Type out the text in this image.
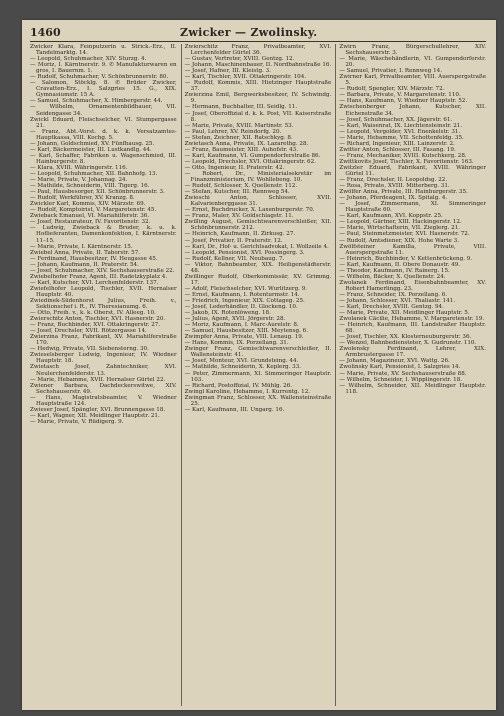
1460	Zwicker — Zwolinsky.

Zwicker Klara, Feinputzerin u. Strick.-Erz., II. Tandelmarktg. 14.

— Leopold, Schuhmacher, XIV. Sturzg. 4.

— Moriz, I. Kärntnerstr. 9. ✆ Manufakturwaren en gros, I. Bauernm. 1.

— Rudolf, Schuhmacher, V. Schönbrunnerstr. 80.

— Salomon, Stöcklg. 8. ✆ Brüder Zwicker, Cravatten-Erz., I. Salzgries 15. G., XIX. Gymnasiumstr. 15 A.

— Samuel, Schuhmacher, X. Himbergerstr. 44.

— Wilhelm, Ornamentenbildhauer, VII. Seidengasse 34.

Zwickl Eduard, Fleischselcher, VI. Stumpergasse 21.

— Franz, Abt.-Vorst. d. k. k. Versatzamtes-Hauptkassa, VIII. Kochg. 5.

— Johann, Goldschmied, XV. Fünfhausg. 25.

— Karl, Bäckermeister, III. Lustkandlg. 44.

— Karl, Schaffer, Fabriken u. Wagenschmied, III. Hainburgerstr. 8.

— Klara, XVIII. Währingerstr. 116.

— Leopold, Schuhmacher, XII. Bahnhofg. 13.

— Marie, Private, V. Johannag. 24.

— Mathilde, Schneiderin, VIII. Tigerg. 16.

— Paul, Hausbesorger, XII. Schönbrunnerstr. 3.

— Rudolf, Werkführer, XV. Kranzg. 8.

Zwickler Karl, Kommis, XIV. Märzstr. 69.

— Rudolf, Komptoirist, V. Margaretenstr. 45.

Zwieback Emanuel, VI. Mariahilferstr. 36.

— Josef, Restaurateur, IV. Favoritenstr. 32.

— Ludwig, Zwieback & Bruder, k. u. k. Hoflieferanten, Damenkonfektion, I. Kärntnerstr. 11–15.

— Marie, Private, I. Kärntnerstr. 15.

Zwiebel Anna, Private, II. Taborstr. 57.

— Ferdinand, Hausbesitzer, IV. Heugasse 45.

— Johann, Kaufmann, II. Praterstr. 54.

— Josef, Schuhmacher, XIV. Sechshauserstraße 22.

Zwiebelhofer Franz, Agent, III. Radetzkyplatz 4.

— Karl, Kutscher, XVI. Lerchenfelderstr. 137.

Zwiefelhofer Leopold, Tischler, XVII. Hernalser Hauptstr. 40.

Zwiedinek-Südenhorst Julius, Freih. v., Sektionschef i. R., IV. Theresianumg. 6.

— Otto, Freih. v., k. k. Oberst, IV. Alleeg. 10.

Zwierschitz Anton, Tischler, XVI. Hasnerstr. 20.

— Franz, Buchbinder, XVI. Ottakringerstr. 27.

— Josef, Drechsler, XVII. Rötzergasse 14.

Zwierzina Franz, Fabrikant, XV. Mariahilferstraße 170.

— Hedwig, Private, VII. Siebensterng. 30.

Zwieselsberger Ludwig, Ingenieur, IV. Wiedner Hauptstr. 18.

Zwietasch Josef, Zahntechniker, XVI. Neulerchenfelderstr. 13.

— Marie, Hebamme, XVII. Hernalser Gürtel 22.

Zwiener Barbara, Dachdeckerswitwe, XIV. Sechshauserstr. 49.

— Hans, Magistratsbeamter, V. Wiedner Hauptstraße 124.

Zwieser Josef, Spängler, XVI. Brunnengasse 18.

— Karl, Wagner, XII. Meidlinger Hauptstr. 21.

— Marie, Private, V. Rüdigerg. 9.

Zwierschitz Franz, Privatbeamter, XVI. Lerchenfelder Gürtel 36.

— Gustav, Vertreter, XVIII. Gentzg. 12.

— Johann, Maschinenbauer, II. Nordbahnstraße 16.

— Josef, Hafner, III. Kleistg. 3.

— Karl, Tischler, XVII. Ottakringerstr. 104.

— Rudolf, Kommis, XIII. Hietzinger Hauptstraße 37.

Zwierzina Emil, Bergwerksbesitzer, IV. Schwindg. 9.

— Hermann, Buchhalter, III. Seidlg. 11.

— Josef, Oberoffizial d. k. k. Post, VII. Kaiserstraße 8.

— Marie, Private, XVIII. Martinstr. 53.

— Paul, Lehrer, XV. Reindorfg. 20.

— Stefan, Zeichner, XII. Ratschkyg. 8.

Zwietasch Anna, Private, IX. Lazarethg. 28.

— Franz, Baumeister, XIII. Auhofstr. 43.

— Karl, Kaufmann, VI. Gumpendorferstraße 86.

— Leopold, Drechsler, XVI. Ottakringerstr. 62.

— Otto, Ingenieur, II. Praterstr. 42.

— Robert, Dr., Ministerialsekretär im Finanzministerium, IV. Wohllebeng. 10.

— Rudolf, Schlosser, X. Quellenstr. 112.

— Stefan, Kutscher, III. Rennweg 54.

Zwieschi Anton, Schlosser, XVII. Kalvarienberggasse 31.

— Ernst, Buchdrucker, X. Laxenburgerstr. 70.

— Franz, Maler, XV. Goldschlagstr. 11.

Zwilling August, Gemischtwarenverschleißer, XII. Schönbrunnerstr. 212.

— Heinrich, Kaufmann, II. Zirkusg. 27.

— Josef, Privatier, II. Praterstr. 12.

— Karl, Dr., Hof- u. Gerichtsadvokat, I. Wollzeile 4.

— Leopold, Pensionist, XVI. Possingerg. 3.

— Rudolf, Kellner, VII. Neubaug. 7.

— Viktor, Bahnbeamter, XIX. Heiligenstädterstr. 48.

Zwillinger Rudolf, Oberkommissär, XV. Grimmg. 17.

— Adolf, Fleischselcher, XVI. Wurlitzerg. 9.

— Ernst, Kaufmann, I. Rotenturmstr. 14.

— Friedrich, Ingenieur, XIX. Cottageg. 25.

— Josef, Lederhändler, II. Glockeng. 10.

— Jakob, IX. Rotenlöweng. 18.

— Julius, Agent, XVII. Jörgerstr. 28.

— Moriz, Kaufmann, I. Marc-Aurelstr. 8.

— Samuel, Hausbesitzer, XIII. Meytensg. 6.

Zwimpfer Anna, Private, VIII. Lenaug. 19.

— Hans, Kommis, IX. Porzellang. 31.

Zwinger Franz, Gemischtwarenverschleißer, II. Wallensteinstr. 41.

— Josef, Monteur, XVI. Grundsteing. 44.

— Mathilde, Schneiderin, X. Keplerg. 33.

— Peter, Zimmermann, XI. Simmeringer Hauptstr. 103.

— Richard, Postoffizial, IV. Mühlg. 26.

Zwingl Karoline, Hebamme, I. Kurrentg. 12.

Zwingman Franz, Schlosser, XX. Wallensteinstraße 25.

— Karl, Kaufmann, III. Ungarg. 16.

Zwirn Franz, Bürgerschullehrer, XIV. Sechshauserstr. 3.

— Marie, Wäschehändlerin, VI. Gumpendorferstr. 20.

— Samuel, Privatier, I. Rennweg 14.

Zwirner Karl, Privatbeamter, VIII. Auerspergstraße 5.

— Rudolf, Spengler, XIV. Märzstr. 72.

— Barbara, Private, V. Margaretenstr. 110.

— Hans, Kaufmann, V. Wiedner Hauptstr. 52.

Zwischenberger Johann, Kutscher, XII. Eichenstraße 34.

— Josef, Schuhmacher, XX. Jägerstr. 61.

— Karl, Waisenrat, IX. Liechtensteinstr. 21.

— Leopold, Vergolder, XVI. Enenkelstr. 31.

— Marie, Hebamme, VII. Schottenfeldg. 35.

— Richard, Ingenieur, XIII. Lainzerstr. 2.

Zwitter Anton, Schlosser, III. Fasang. 19.

— Franz, Mechaniker, XVIII. Kutschkerg. 28.

Zwittkovits Josef, Tischler, X. Favoritenstr. 163.

Zwitzler Eduard, Fabrikant, XVIII. Währinger Gürtel 11.

— Franz, Drechsler, II. Leopoldsg. 22.

— Rosa, Private, XVIII. Mitterberg. 31.

Zwölfer Anna, Private, III. Hainburgerstr. 35.

— Johann, Pferdeagent, IX. Spitalg. 4.

— Josef, Zimmermann, XI. Simmeringer Hauptstraße 60.

— Karl, Kaufmann, XVI. Koppstr. 25.

— Leopold, Gärtner, XIII. Hackingerstr. 12.

— Marie, Wirtschafterin, VII. Zieglerg. 21.

— Paul, Steinmetzmeister, XVI. Hasnerstr. 72.

— Rudolf, Amtsdiener, XIX. Hohe Warte 3.

Zwölfsteiner Kamilla, Private, VIII. Auerspergstraße 11.

— Heinrich, Buchbinder, V. Kettenbrückeng. 9.

— Karl, Kaufmann, II. Obere Donaustr. 49.

— Theodor, Kaufmann, IV. Rainerg. 15.

— Wilhelm, Bäcker, X. Quellenstr. 24.

Zwolanek Ferdinand, Eisenbahnbeamter, XV. Robert Hamerlingg. 23.

— Franz, Schneider, IX. Porzellang. 6.

— Johann, Schlosser, XVI. Thaliastr. 141.

— Karl, Drechsler, XVIII. Gentzg. 94.

— Marie, Private, XII. Meidlinger Hauptstr. 5.

Zwolanek Cäcilie, Hebamme, V. Margaretenstr. 19.

— Heinrich, Kaufmann, III. Landstraßer Hauptstr. 68.

— Josef, Tischler, XX. Klosterneuburgerstr. 36.

— Wenzel, Bahnbediensteter, X. Gudrunstr. 110.

Zwolensky Ferdinand, Lehrer, XIX. Armbrustergasse 17.

— Johann, Magazineur, XVI. Wattg. 26.

Zwolinsky Karl, Pensionist, I. Salzgries 14.

— Marie, Private, XV. Sechshauserstraße 88.

— Wilhelm, Schneider, I. Wipplingerstr. 18.

— Wilhelm, Schneider, XII. Meidlinger Hauptstr. 118.
